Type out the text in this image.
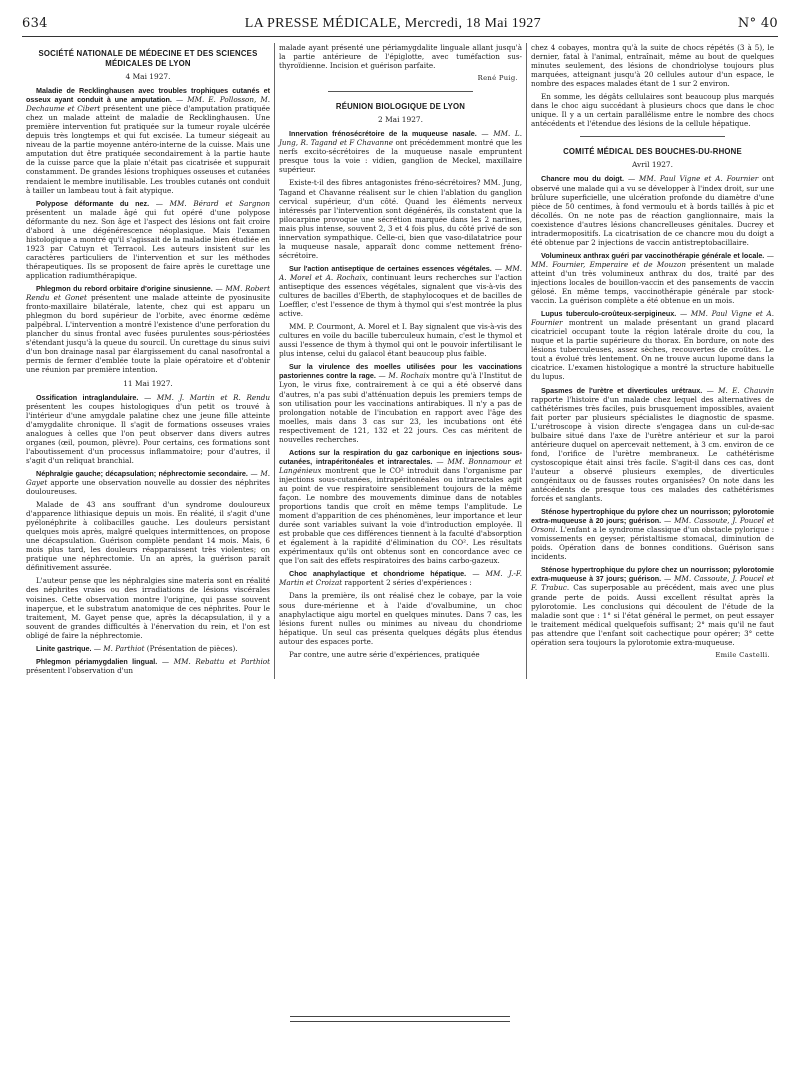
634	LA PRESSE MÉDICALE, Mercredi, 18 Mai 1927	N° 40
SOCIÉTÉ NATIONALE DE MÉDECINE ET DES SCIENCES MÉDICALES DE LYON
4 Mai 1927.

Maladie de Recklinghausen avec troubles trophiques cutanés et osseux ayant conduit à une amputation. — MM. E. Pollosson, M. Dechaume et Cibert présentent une pièce d'amputation pratiquée chez un malade atteint de maladie de Recklinghausen. Une première intervention fut pratiquée sur la tumeur royale ulcérée depuis très longtemps et qui fut excisée. La tumeur siégeait au niveau de la partie moyenne antéro-interne de la cuisse. Mais une amputation dut être pratiquée secondairement à la partie haute de la cuisse parce que la plaie n'était pas cicatrisée et suppurait constamment. De grandes lésions trophiques osseuses et cutanées rendaient le membre inutilisable. Les troubles cutanés ont conduit à tailler un lambeau tout à fait atypique.

Polypose déformante du nez. — MM. Bérard et Sargnon présentent un malade âgé qui fut opéré d'une polypose déformante du nez. Son âge et l'aspect des lésions ont fait croire d'abord à une dégénérescence néoplasique. Mais l'examen histologique a montré qu'il s'agissait de la maladie bien étudiée en 1923 par Catuyn et Terracol. Les auteurs insistent sur les caractères particuliers de l'intervention et sur les méthodes thérapeutiques. Ils se proposent de faire après le curettage une application radiumthérapique.

Phlegmon du rebord orbitaire d'origine sinusienne. — MM. Robert Rendu et Gonet présentent une malade atteinte de pyosinusite fronto-maxillaire bilatérale, latente, chez qui est apparu un phlegmon du bord supérieur de l'orbite, avec énorme œdème palpébral. L'intervention a montré l'existence d'une perforation du plancher du sinus frontal avec fusées purulentes sous-périostées s'étendant jusqu'à la queue du sourcil. Un curettage du sinus suivi d'un bon drainage nasal par élargissement du canal nasofrontal a permis de fermer d'emblée toute la plaie opératoire et d'obtenir une réunion par première intention.

11 Mai 1927.

Ossification intraglandulaire. — MM. J. Martin et R. Rendu présentent les coupes histologiques d'un petit os trouvé à l'intérieur d'une amygdale palatine chez une jeune fille atteinte d'amygdalite chronique. Il s'agit de formations osseuses vraies analogues à celles que l'on peut observer dans divers autres organes (œil, poumon, plèvre). Pour certains, ces formations sont l'aboutissement d'un processus inflammatoire; pour d'autres, il s'agit d'un reliquat branchial.

Néphralgie gauche; décapsulation; néphrectomie secondaire. — M. Gayet apporte une observation nouvelle au dossier des néphrites douloureuses.

Malade de 43 ans souffrant d'un syndrome douloureux d'apparence lithiasique depuis un mois. En réalité, il s'agit d'une pyélonéphrite à colibacilles gauche. Les douleurs persistant quelques mois après, malgré quelques intermittences, on propose une décapsulation. Guérison complète pendant 14 mois. Mais, 6 mois plus tard, les douleurs réapparaissent très violentes; on pratique une néphrectomie. Un an après, la guérison paraît définitivement assurée.

L'auteur pense que les néphralgies sine materia sont en réalité des néphrites vraies ou des irradiations de lésions viscérales voisines. Cette observation montre l'origine, qui passe souvent inaperçue, et le substratum anatomique de ces néphrites. Pour le traitement, M. Gayet pense que, après la décapsulation, il y a souvent de grandes difficultés à l'énervation du rein, et l'on est obligé de faire la néphrectomie.

Linite gastrique. — M. Parthiot (Présentation de pièces).

Phlegmon périamygdalien lingual. — MM. Rebattu et Parthiot présentent l'observation d'un

malade ayant présenté une périamygdalite linguale allant jusqu'à la partie antérieure de l'épiglotte, avec tuméfaction sus-thyroïdienne. Incision et guérison parfaite.

René Puig.
RÉUNION BIOLOGIQUE DE LYON
2 Mai 1927.

Innervation frénosécrétoire de la muqueuse nasale. — MM. L. Jung, R. Tagand et F Chavanne ont précédemment montré que les nerfs excito-sécrétoires de la muqueuse nasale empruntent presque tous la voie : vidien, ganglion de Meckel, maxillaire supérieur.

Existe-t-il des fibres antagonistes fréno-sécrétoires? MM. Jung, Tagand et Chavanne réalisent sur le chien l'ablation du ganglion cervical supérieur, d'un côté. Quand les éléments nerveux intéressés par l'intervention sont dégénérés, ils constatent que la pilocarpine provoque une sécrétion marquée dans les 2 narines, mais plus intense, souvent 2, 3 et 4 fois plus, du côté privé de son innervation sympathique. Celle-ci, bien que vaso-dilatatrice pour la muqueuse nasale, apparaît donc comme nettement fréno-sécrétoire.

Sur l'action antiseptique de certaines essences végétales. — MM. A. Morel et A. Rochaix, continuant leurs recherches sur l'action antiseptique des essences végétales, signalent que vis-à-vis des cultures de bacilles d'Eberth, de staphylocoques et de bacilles de Loeffler, c'est l'essence de thym à thymol qui s'est montrée la plus active.

MM. P. Courmont, A. Morel et I. Bay signalent que vis-à-vis des cultures en voile du bacille tuberculeux humain, c'est le thymol et aussi l'essence de thym à thymol qui ont le pouvoir infertilisant le plus intense, celui du gaïacol étant beaucoup plus faible.

Sur la virulence des moelles utilisées pour les vaccinations pastoriennes contre la rage. — M. Rochaix montre qu'à l'Institut de Lyon, le virus fixe, contrairement à ce qui a été observé dans d'autres, n'a pas subi d'atténuation depuis les premiers temps de son utilisation pour les vaccinations antirabiques. Il n'y a pas de prolongation notable de l'incubation en rapport avec l'âge des moelles, mais dans 3 cas sur 23, les incubations ont été respectivement de 121, 132 et 22 jours. Ces cas méritent de nouvelles recherches.

Actions sur la respiration du gaz carbonique en injections sous-cutanées, intrapéritonéales et intrarectales. — MM. Bonnamour et Langénieux montrent que le CO² introduit dans l'organisme par injections sous-cutanées, intrapéritonéales ou intrarectales agit au point de vue respiratoire sensiblement toujours de la même façon. Le nombre des mouvements diminue dans de notables proportions tandis que croît en même temps l'amplitude. Le moment d'apparition de ces phénomènes, leur importance et leur durée sont variables suivant la voie d'introduction employée. Il est probable que ces différences tiennent à la faculté d'absorption et également à la rapidité d'élimination du CO². Les résultats expérimentaux qu'ils ont obtenus sont en concordance avec ce que l'on sait des effets respiratoires des bains carbo-gazeux.

Choc anaphylactique et chondriome hépatique. — MM. J.-F. Martin et Croizat rapportent 2 séries d'expériences :

Dans la première, ils ont réalisé chez le cobaye, par la voie sous dure-mérienne et à l'aide d'ovalbumine, un choc anaphylactique aigu mortel en quelques minutes. Dans 7 cas, les lésions furent nulles ou minimes au niveau du chondriome hépatique. Un seul cas présenta quelques dégâts plus étendus autour des espaces porte.

Par contre, une autre série d'expériences, pratiquée

chez 4 cobayes, montra qu'à la suite de chocs répétés (3 à 5), le dernier, fatal à l'animal, entraînait, même au bout de quelques minutes seulement, des lésions de chondriolyse toujours plus marquées, atteignant jusqu'à 20 cellules autour d'un espace, le nombre des espaces malades étant de 1 sur 2 environ.

En somme, les dégâts cellulaires sont beaucoup plus marqués dans le choc aigu succédant à plusieurs chocs que dans le choc unique. Il y a un certain parallélisme entre le nombre des chocs antécédents et l'étendue des lésions de la cellule hépatique.

COMITÉ MÉDICAL DES BOUCHES-DU-RHONE
Avril 1927.

Chancre mou du doigt. — MM. Paul Vigne et A. Fournier ont observé une malade qui a vu se développer à l'index droit, sur une brûlure superficielle, une ulcération profonde du diamètre d'une pièce de 50 centimes, à fond vermoulu et à bords taillés à pic et décollés. On ne note pas de réaction ganglionnaire, mais la coexistence d'autres lésions chancrelleuses génitales. Ducrey et intradermopositifs. La cicatrisation de ce chancre mou du doigt a été obtenue par 2 injections de vaccin antistreptobacillaire.

Volumineux anthrax guéri par vaccinothérapie générale et locale. — MM. Fournier, Emperaire et de Mouzon présentent un malade atteint d'un très volumineux anthrax du dos, traité par des injections locales de bouillon-vaccin et des pansements de vaccin gélosé. En même temps, vaccinothérapie générale par stock-vaccin. La guérison complète a été obtenue en un mois.

Lupus tuberculo-croûteux-serpigineux. — MM. Paul Vigne et A. Fournier montrent un malade présentant un grand placard cicatriciel occupant toute la région latérale droite du cou, la nuque et la partie supérieure du thorax. En bordure, on note des lésions tuberculeuses, assez sèches, recouvertes de croûtes. Le tout a évolué très lentement. On ne trouve aucun lupome dans la cicatrice. L'examen histologique a montré la structure habituelle du lupus.

Spasmes de l'urètre et diverticules urétraux. — M. E. Chauvin rapporte l'histoire d'un malade chez lequel des alternatives de cathétérismes très faciles, puis brusquement impossibles, avaient fait porter par plusieurs spécialistes le diagnostic de spasme. L'urétroscope à vision directe s'engagea dans un cul-de-sac bulbaire situé dans l'axe de l'urètre antérieur et sur la paroi antérieure duquel on apercevait nettement, à 3 cm. environ de ce fond, l'orifice de l'urètre membraneux. Le cathétérisme cystoscopique était ainsi très facile. S'agit-il dans ces cas, dont l'auteur a observé plusieurs exemples, de diverticules congénitaux ou de fausses routes organisées? On note dans les antécédents de presque tous ces malades des cathétérismes forcés et sanglants.

Sténose hypertrophique du pylore chez un nourrisson; pylorotomie extra-muqueuse à 20 jours; guérison. — MM. Cassoute, J. Poucel et Orsoni. L'enfant a le syndrome classique d'un obstacle pylorique : vomissements en geyser, péristaltisme stomacal, diminution de poids. Opération dans de bonnes conditions. Guérison sans incidents.

Sténose hypertrophique du pylore chez un nourrisson; pylorotomie extra-muqueuse à 37 jours; guérison. — MM. Cassoute, J. Poucel et F. Trabuc. Cas superposable au précédent, mais avec une plus grande perte de poids. Aussi excellent résultat après la pylorotomie. Les conclusions qui découlent de l'étude de la maladie sont que : 1° si l'état général le permet, on peut essayer le traitement médical quelquefois suffisant; 2° mais qu'il ne faut pas attendre que l'enfant soit cachectique pour opérer; 3° cette opération sera toujours la pylorotomie extra-muqueuse.

Emile Castelli.
